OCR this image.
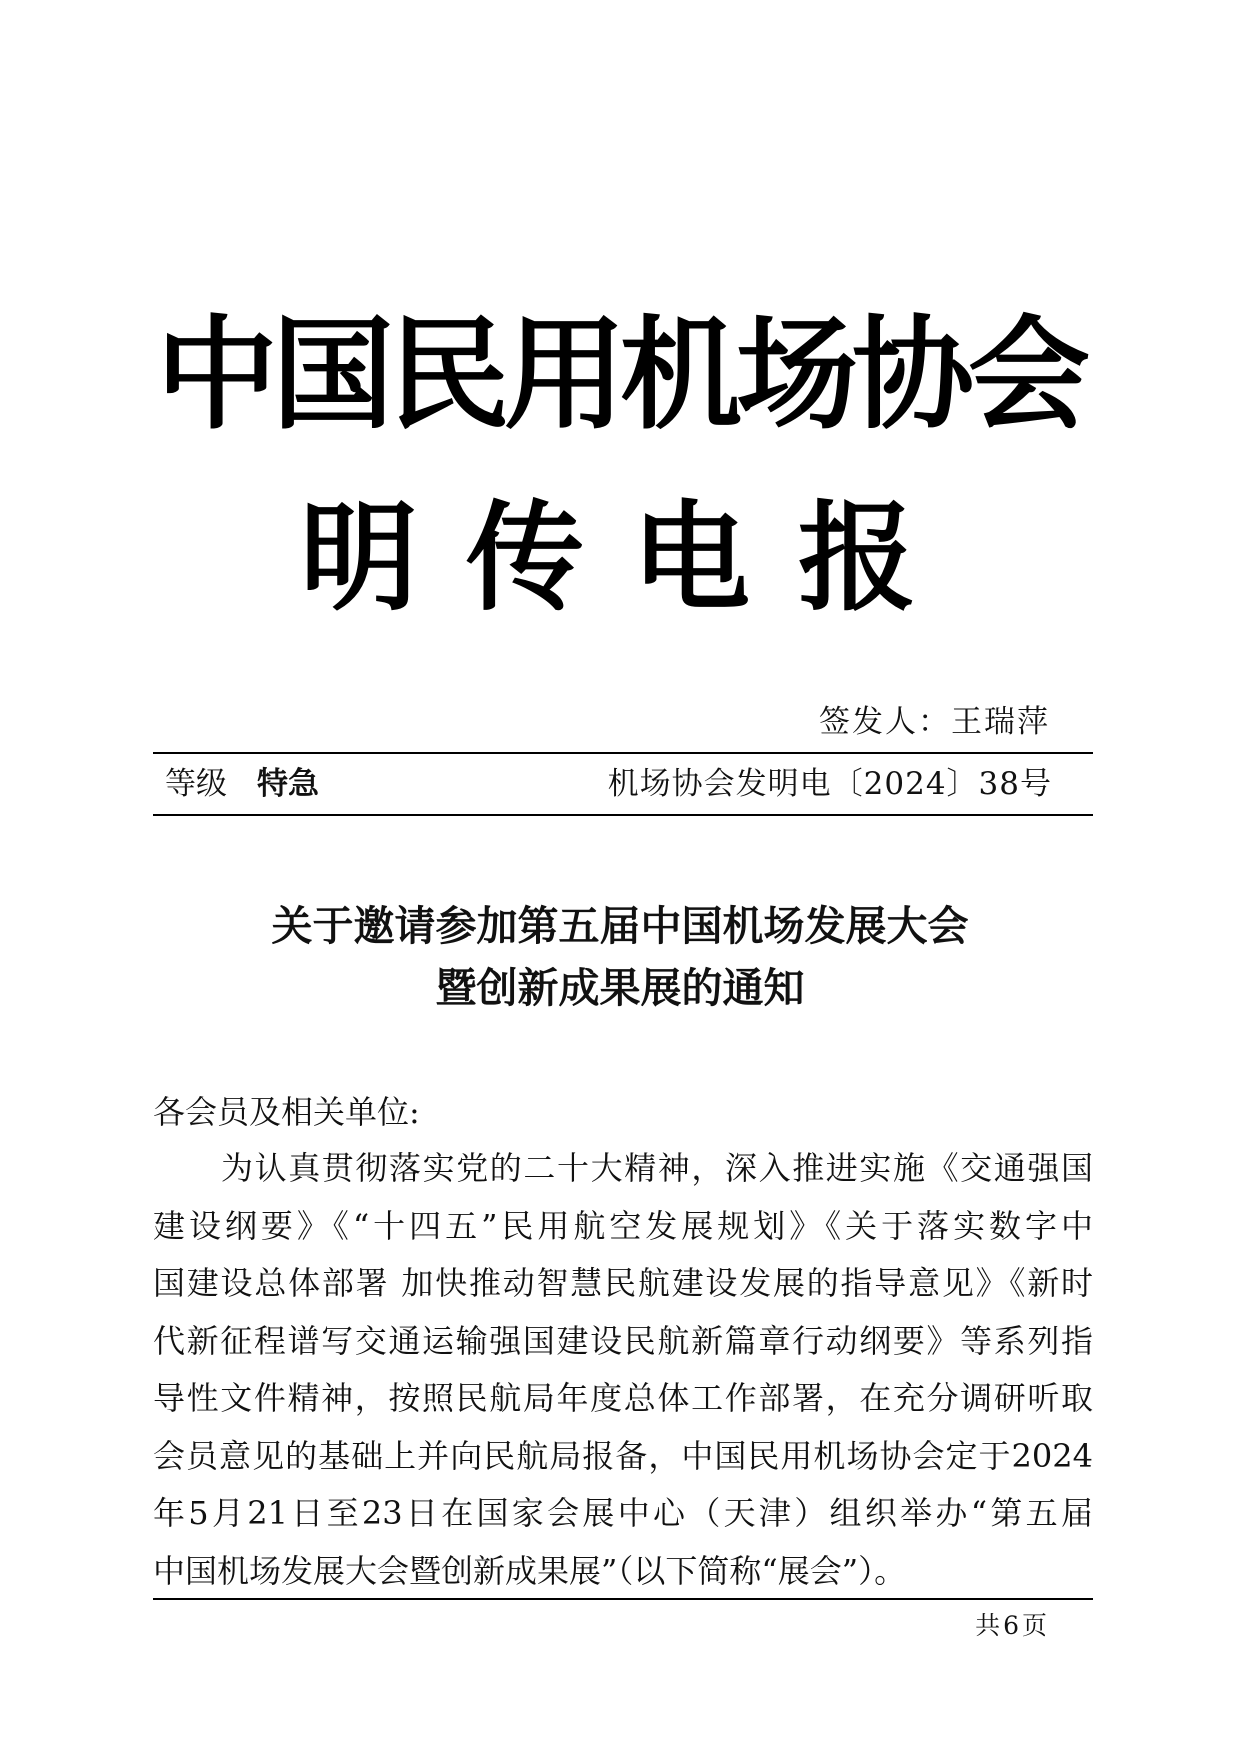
中国民用机场协会
明传电报
签发人：王瑞萍
等级 特急	机场协会发明电〔2024〕38号
关于邀请参加第五届中国机场发展大会
暨创新成果展的通知
各会员及相关单位:
为认真贯彻落实党的二十大精神，深入推进实施《交通强国
建设纲要》《“十四五”民用航空发展规划》《关于落实数字中
国建设总体部署 加快推动智慧民航建设发展的指导意见》《新时
代新征程谱写交通运输强国建设民航新篇章行动纲要》等系列指
导性文件精神，按照民航局年度总体工作部署，在充分调研听取
会员意见的基础上并向民航局报备，中国民用机场协会定于2024
年5月21日至23日在国家会展中心（天津）组织举办“第五届
中国机场发展大会暨创新成果展”（以下简称“展会”）。
共6页
